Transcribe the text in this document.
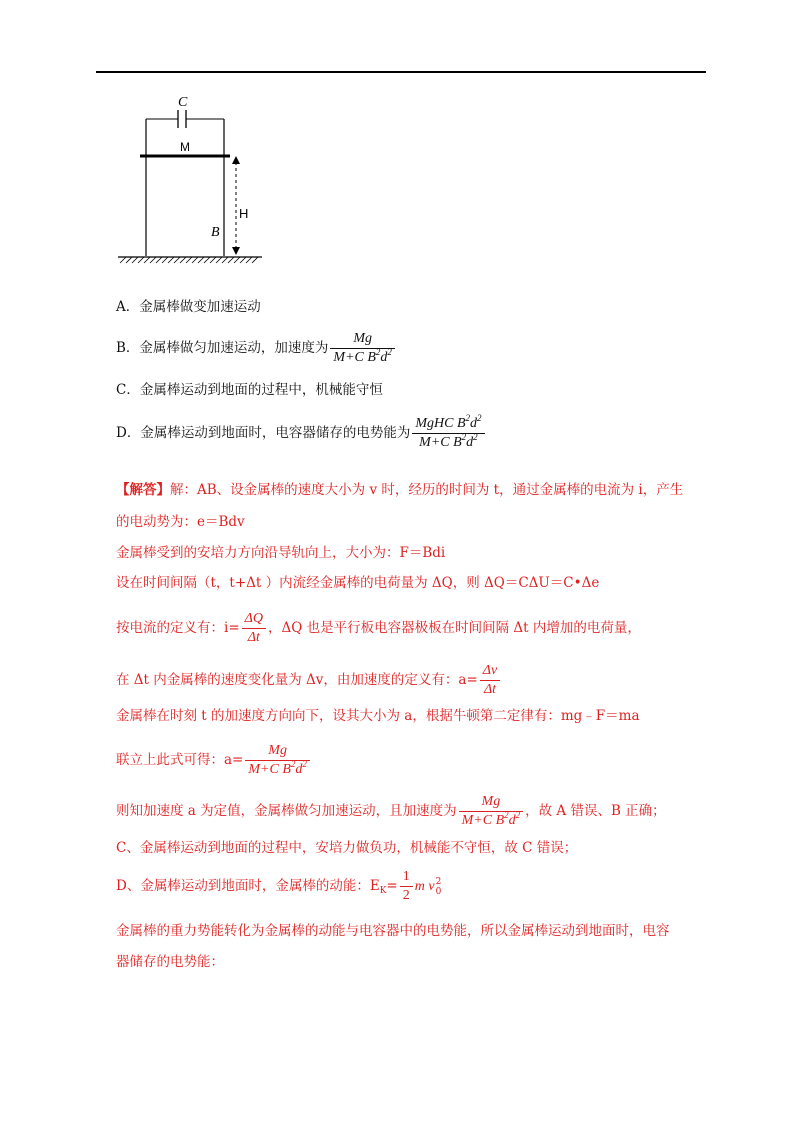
C
M
H
B
A．金属棒做变加速运动
B．金属棒做匀加速运动，加速度为 $\frac{Mg}{M+C B^2d^2}$
C．金属棒运动到地面的过程中，机械能守恒
D．金属棒运动到地面时，电容器储存的电势能为 $\frac{MgHC B^2d^2}{M+C B^2d^2}$
【解答】解：AB、设金属棒的速度大小为 v 时，经历的时间为 t，通过金属棒的电流为 i，产生
的电动势为：e＝Bdv
金属棒受到的安培力方向沿导轨向上，大小为：F＝Bdi
设在时间间隔（t，t+Δt ）内流经金属棒的电荷量为 ΔQ，则 ΔQ＝CΔU＝C•Δe
按电流的定义有：$i= \frac{\Delta Q}{\Delta t}$ ，ΔQ 也是平行板电容器极板在时间间隔 Δt 内增加的电荷量，
在 Δt 内金属棒的速度变化量为 Δv，由加速度的定义有：$a= \frac{\Delta v}{\Delta t}$
金属棒在时刻 t 的加速度方向向下，设其大小为 a，根据牛顿第二定律有：mg﹣F＝ma
联立上此式可得：$a= \frac{Mg}{M+C B^2d^2}$
则知加速度 a 为定值，金属棒做匀加速运动，且加速度为 $\frac{Mg}{M+C B^2d^2}$ ，故 A 错误、B 正确；
C、金属棒运动到地面的过程中，安培力做负功，机械能不守恒，故 C 错误；
D、金属棒运动到地面时，金属棒的动能：$E_K= \frac{1}{2}$ m v 2
0
金属棒的重力势能转化为金属棒的动能与电容器中的电势能，所以金属棒运动到地面时，电容
器储存的电势能：
